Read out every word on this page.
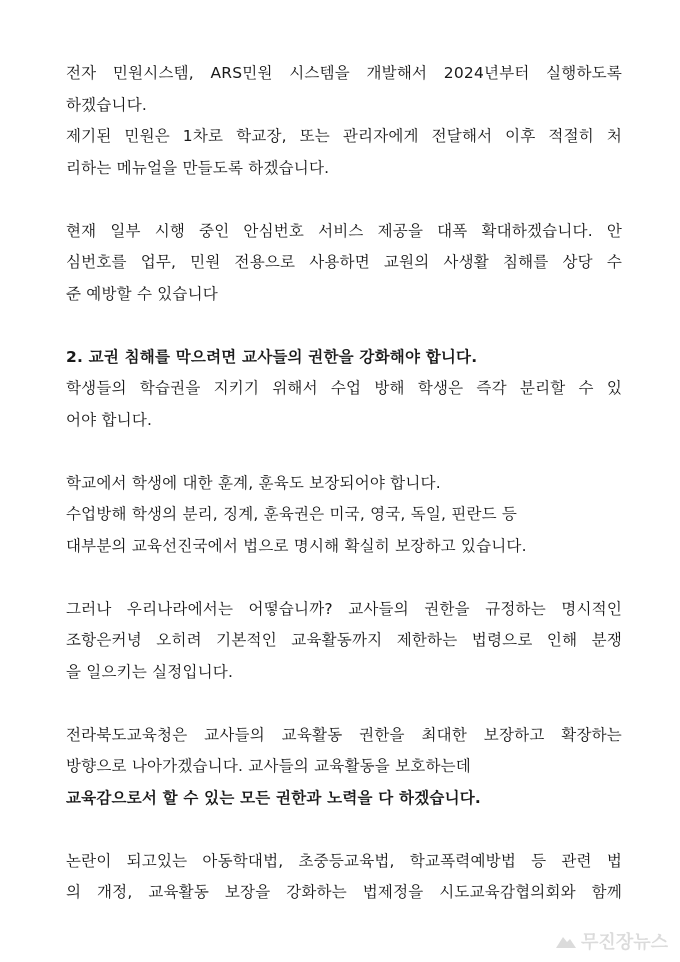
전자 민원시스템, ARS민원 시스템을 개발해서 2024년부터 실행하도록
하겠습니다.
제기된 민원은 1차로 학교장, 또는 관리자에게 전달해서 이후 적절히 처
리하는 메뉴얼을 만들도록 하겠습니다.
현재 일부 시행 중인 안심번호 서비스 제공을 대폭 확대하겠습니다. 안
심번호를 업무, 민원 전용으로 사용하면 교원의 사생활 침해를 상당 수
준 예방할 수 있습니다
2. 교권 침해를 막으려면 교사들의 권한을 강화해야 합니다.
학생들의 학습권을 지키기 위해서 수업 방해 학생은 즉각 분리할 수 있
어야 합니다.
학교에서 학생에 대한 훈계, 훈육도 보장되어야 합니다.
수업방해 학생의 분리, 징계, 훈육권은 미국, 영국, 독일, 핀란드 등
대부분의 교육선진국에서 법으로 명시해 확실히 보장하고 있습니다.
그러나 우리나라에서는 어떻습니까? 교사들의 권한을 규정하는 명시적인
조항은커녕 오히려 기본적인 교육활동까지 제한하는 법령으로 인해 분쟁
을 일으키는 실정입니다.
전라북도교육청은 교사들의 교육활동 권한을 최대한 보장하고 확장하는
방향으로 나아가겠습니다. 교사들의 교육활동을 보호하는데
교육감으로서 할 수 있는 모든 권한과 노력을 다 하겠습니다.
논란이 되고있는 아동학대법, 초중등교육법, 학교폭력예방법 등 관련 법
의 개정, 교육활동 보장을 강화하는 법제정을 시도교육감협의회와 함께
무진장뉴스
